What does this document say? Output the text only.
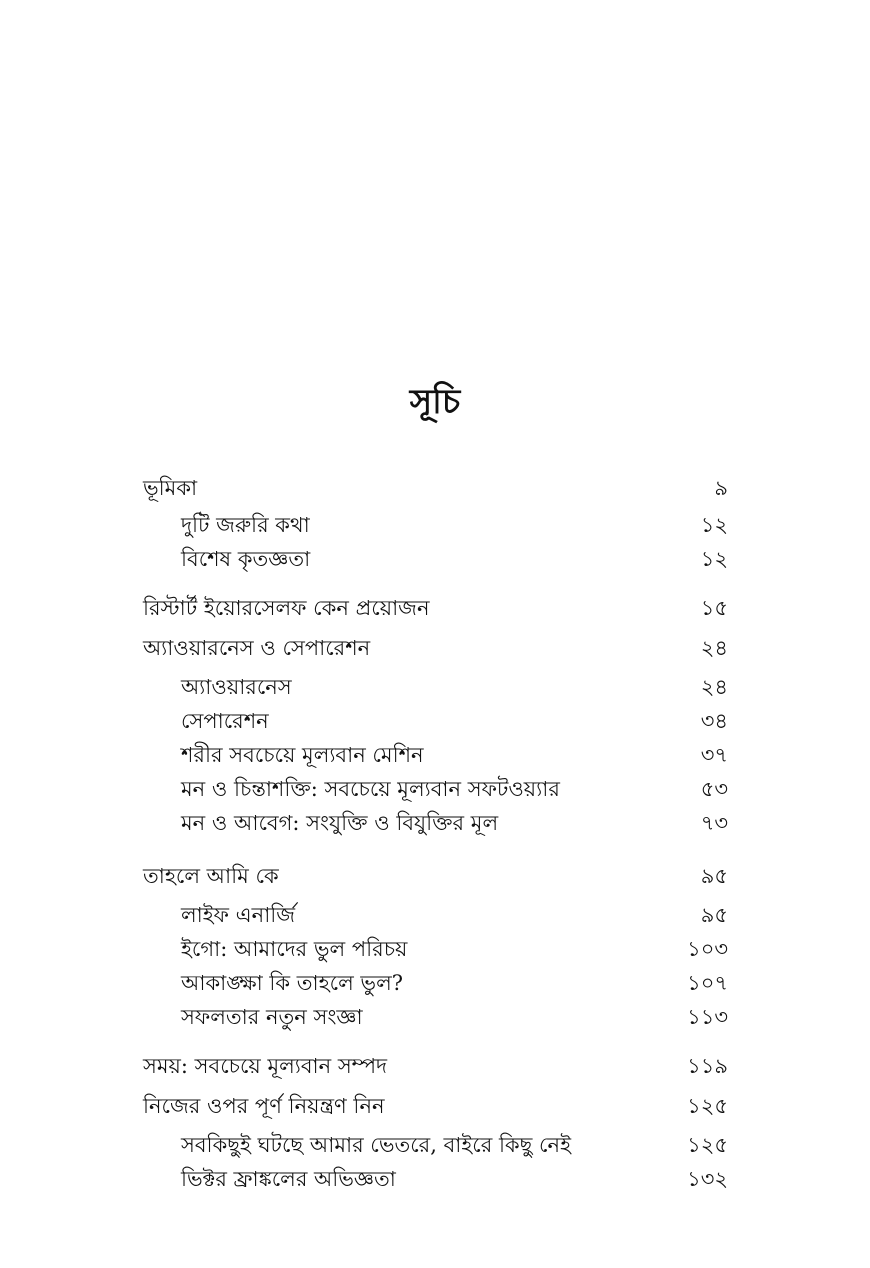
সূচি
ভূমিকা	৯
দুটি জরুরি কথা	১২
বিশেষ কৃতজ্ঞতা	১২
রিস্টার্ট ইয়োরসেলফ কেন প্রয়োজন	১৫
অ্যাওয়ারনেস ও সেপারেশন	২৪
অ্যাওয়ারনেস	২৪
সেপারেশন	৩৪
শরীর সবচেয়ে মূল্যবান মেশিন	৩৭
মন ও চিন্তাশক্তি: সবচেয়ে মূল্যবান সফটওয়্যার	৫৩
মন ও আবেগ: সংযুক্তি ও বিযুক্তির মূল	৭৩
তাহলে আমি কে	৯৫
লাইফ এনার্জি	৯৫
ইগো: আমাদের ভুল পরিচয়	১০৩
আকাঙ্ক্ষা কি তাহলে ভুল?	১০৭
সফলতার নতুন সংজ্ঞা	১১৩
সময়: সবচেয়ে মূল্যবান সম্পদ	১১৯
নিজের ওপর পূর্ণ নিয়ন্ত্রণ নিন	১২৫
সবকিছুই ঘটছে আমার ভেতরে, বাইরে কিছু নেই	১২৫
ভিক্টর ফ্রাঙ্কলের অভিজ্ঞতা	১৩২
